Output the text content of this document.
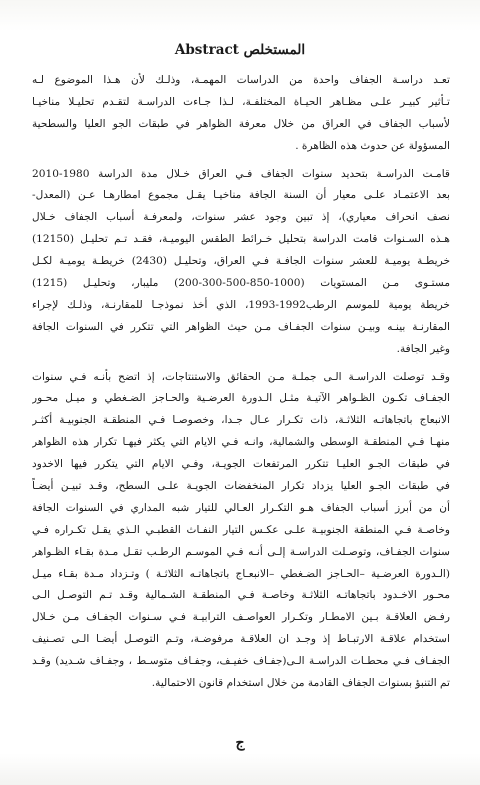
المستخلص Abstract
تعـد دراسـة الجفاف واحدة من الدراسات المهمـة، وذلـك لأن هـذا الموضوع لـه
تـأثير كبيـر علـى مظـاهر الحيـاة المختلفـة، لـذا جـاءت الدراسـة لتقـدم تحليـلا مناخيـا
لأسباب الجفاف في العراق من خلال معرفة الظواهر في طبقات الجو العليا والسطحية
المسؤولة عن حدوث هذه الظاهرة .
قامـت الدراسـة بتحديد سنوات الجفاف فـي العراق خـلال مدة الدراسة 1980-2010
بعد الاعتمـاد علـى معيار أن السنة الجافة مناخيـا يقـل مجموع امطارهـا عـن (المعدل-
نصف انحراف معياري)، إذ تبين وجود عشر سنوات، ولمعرفـة أسباب الجفاف خـلال
هـذه السـنوات قامت الدراسة بتحليل خـرائط الطقس اليوميـة، فقـد تـم تحليـل (12150)
خريطـة يوميـة للعشر سنوات الجافـة فـي العراق، وتحليـل (2430) خريطـة يوميـة لكـل
مستـوى مـن المستويات (1000-850-500-300-200) مليبار، وتحليـل (1215)
خريطة يومية للموسم الرطب1992-1993، الذي أخذ نموذجـا للمقارنـة، وذلـك لإجراء
المقارنـة بينـه وبيـن سنوات الجفـاف مـن حيث الظواهر التي تتكرر في السنوات الجافة
وغير الجافة.
وقـد توصلت الدراسـة الـى جملـة مـن الحقائق والاستنتاجات، إذ اتضح بأنـه فـي سنوات
الجفـاف تكـون الظـواهر الآتيـة مثـل الـدورة العرضـية والحـاجز الضـغطي و ميـل محـور
الانبعاج باتجاهاتـه الثلاثـة، ذات تكـرار عـال جـدا، وخصوصـا فـي المنطقـة الجنوبيـة أكثـر
منهـا فـي المنطقـة الوسطى والشمالية، وانـه فـي الايام التي يكثر فيهـا تكرار هذه الظواهر
في طبقات الجـو العليـا تتكرر المرتفعات الجويـة، وفـي الايام التي يتكرر فيها الاخدود
في طبقات الجـو العليا يزداد تكرار المنخفضات الجويـة علـى السطح، وقـد تبيـن أيضـاً
أن من أبرز أسباب الجفاف هـو التكـرار العـالي للتيار شبه المداري في السنوات الجافة
وخاصـة فـي المنطقة الجنوبيـة علـى عكـس التيار النفـاث القطبـي الـذي يقـل تكـراره فـي
سنوات الجفـاف، وتوصـلت الدراسـة إلـى أنـه فـي الموسـم الرطـب تقـل مـدة بقـاء الظـواهر
(الـدورة العرضـية –الحـاجز الضـغطي –الانبعـاج باتجاهاتـه الثلاثـة ) وتـزداد مـدة بقـاء ميـل
محـور الاخـدود باتجاهاتـه الثلاثـة وخاصـة فـي المنطقـة الشـمالية وقـد تـم التوصـل الـى
رفـض العلاقـة بـين الامطـار وتكـرار العواصـف الترابيـة فـي سـنوات الجفـاف مـن خـلال
استخدام علاقـة الارتبـاط إذ وجـد ان العلاقـة مرفوضـة، وتـم التوصـل أيضـا الـى تصـنيف
الجفـاف فـي محطـات الدراسـة الـى(جفـاف خفيـف، وجفـاف متوسـط ، وجفـاف شـديد) وقـد
تم التنبؤ بسنوات الجفاف القادمة من خلال استخدام قانون الاحتمالية.
ج
